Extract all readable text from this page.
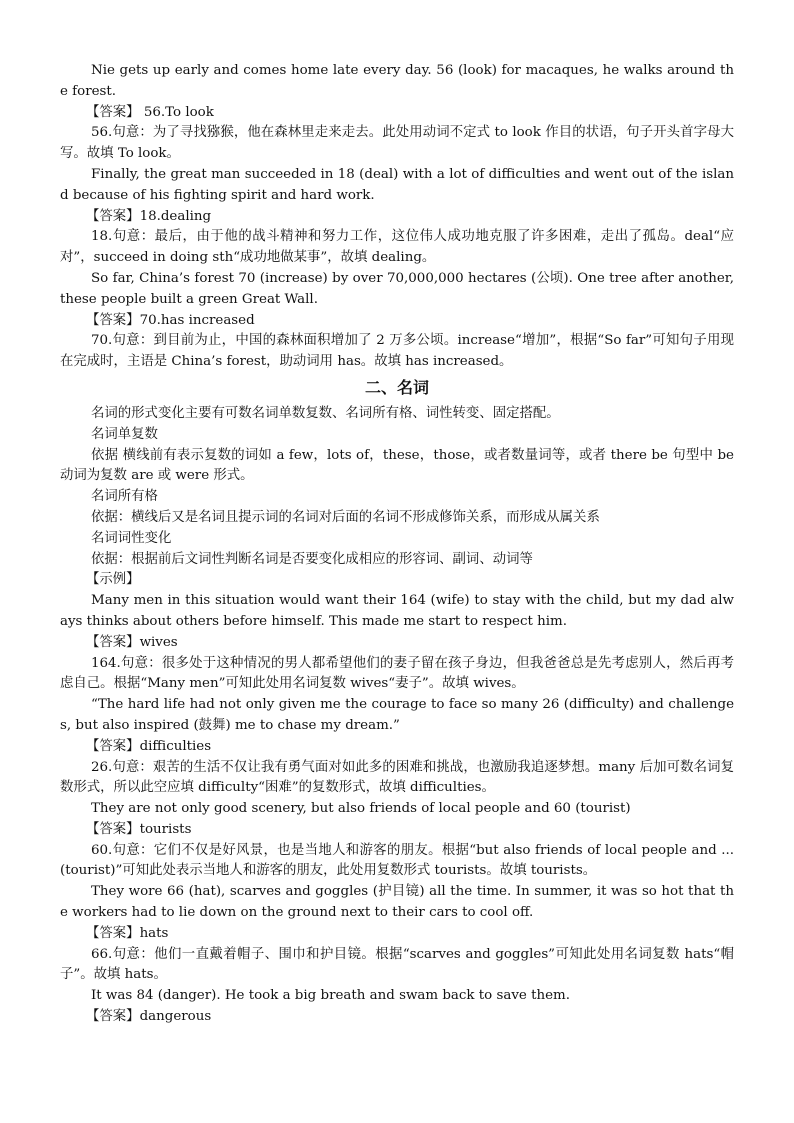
Nie gets up early and comes home late every day. 56 (look) for macaques, he walks around the forest.
【答案】 56.To look
56.句意：为了寻找猕猴，他在森林里走来走去。此处用动词不定式 to look 作目的状语，句子开头首字母大写。故填 To look。
Finally, the great man succeeded in 18 (deal) with a lot of difficulties and went out of the island because of his fighting spirit and hard work.
【答案】18.dealing
18.句意：最后，由于他的战斗精神和努力工作，这位伟人成功地克服了许多困难，走出了孤岛。deal“应对”，succeed in doing sth“成功地做某事”，故填 dealing。
So far, China’s forest 70 (increase) by over 70,000,000 hectares (公顷). One tree after another, these people built a green Great Wall.
【答案】70.has increased
70.句意：到目前为止，中国的森林面积增加了 2 万多公顷。increase“增加”，根据“So far”可知句子用现在完成时，主语是 China’s forest，助动词用 has。故填 has increased。
二、名词
名词的形式变化主要有可数名词单数复数、名词所有格、词性转变、固定搭配。
名词单复数
依据 横线前有表示复数的词如 a few，lots of，these，those，或者数量词等，或者 there be 句型中 be 动词为复数 are 或 were 形式。
名词所有格
依据：横线后又是名词且提示词的名词对后面的名词不形成修饰关系，而形成从属关系
名词词性变化
依据：根据前后文词性判断名词是否要变化成相应的形容词、副词、动词等
【示例】
Many men in this situation would want their 164 (wife) to stay with the child, but my dad always thinks about others before himself. This made me start to respect him.
【答案】wives
164.句意：很多处于这种情况的男人都希望他们的妻子留在孩子身边，但我爸爸总是先考虑别人，然后再考虑自己。根据“Many men”可知此处用名词复数 wives“妻子”。故填 wives。
“The hard life had not only given me the courage to face so many 26 (difficulty) and challenges, but also inspired (鼓舞) me to chase my dream.”
【答案】difficulties
26.句意：艰苦的生活不仅让我有勇气面对如此多的困难和挑战，也激励我追逐梦想。many 后加可数名词复数形式，所以此空应填 difficulty“困难”的复数形式，故填 difficulties。
They are not only good scenery, but also friends of local people and 60 (tourist)
【答案】tourists
60.句意：它们不仅是好风景，也是当地人和游客的朋友。根据“but also friends of local people and ... (tourist)”可知此处表示当地人和游客的朋友，此处用复数形式 tourists。故填 tourists。
They wore 66 (hat), scarves and goggles (护目镜) all the time. In summer, it was so hot that the workers had to lie down on the ground next to their cars to cool off.
【答案】hats
66.句意：他们一直戴着帽子、围巾和护目镜。根据“scarves and goggles”可知此处用名词复数 hats“帽子”。故填 hats。
It was 84 (danger). He took a big breath and swam back to save them.
【答案】dangerous
